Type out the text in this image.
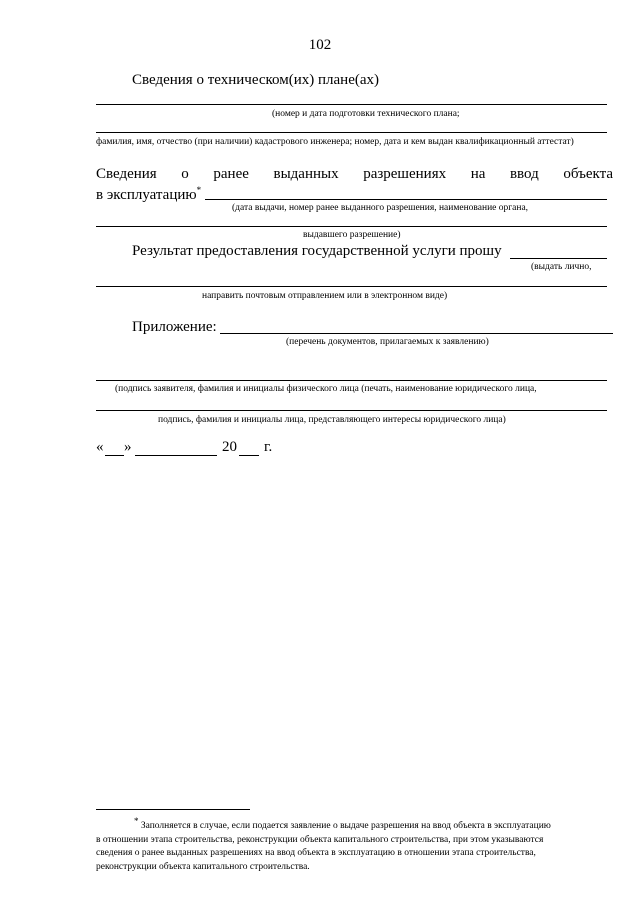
102
Сведения о техническом(их) плане(ах)
(номер и дата подготовки технического плана;
фамилия, имя, отчество (при наличии) кадастрового инженера; номер, дата и кем выдан квалификационный аттестат)
Сведения о ранее выданных разрешениях на ввод объекта
в эксплуатацию*
(дата выдачи, номер ранее выданного разрешения, наименование органа,
выдавшего разрешение)
Результат предоставления государственной услуги прошу
(выдать лично,
направить почтовым отправлением или в электронном виде)
Приложение:
(перечень документов, прилагаемых к заявлению)
(подпись заявителя, фамилия и инициалы физического лица (печать, наименование юридического лица,
подпись, фамилия и инициалы лица, представляющего интересы юридического лица)
« »	20 г.

* Заполняется в случае, если подается заявление о выдаче разрешения на ввод объекта в эксплуатацию

в отношении этапа строительства, реконструкции объекта капитального строительства, при этом указываются

сведения о ранее выданных разрешениях на ввод объекта в эксплуатацию в отношении этапа строительства,

реконструкции объекта капитального строительства.
